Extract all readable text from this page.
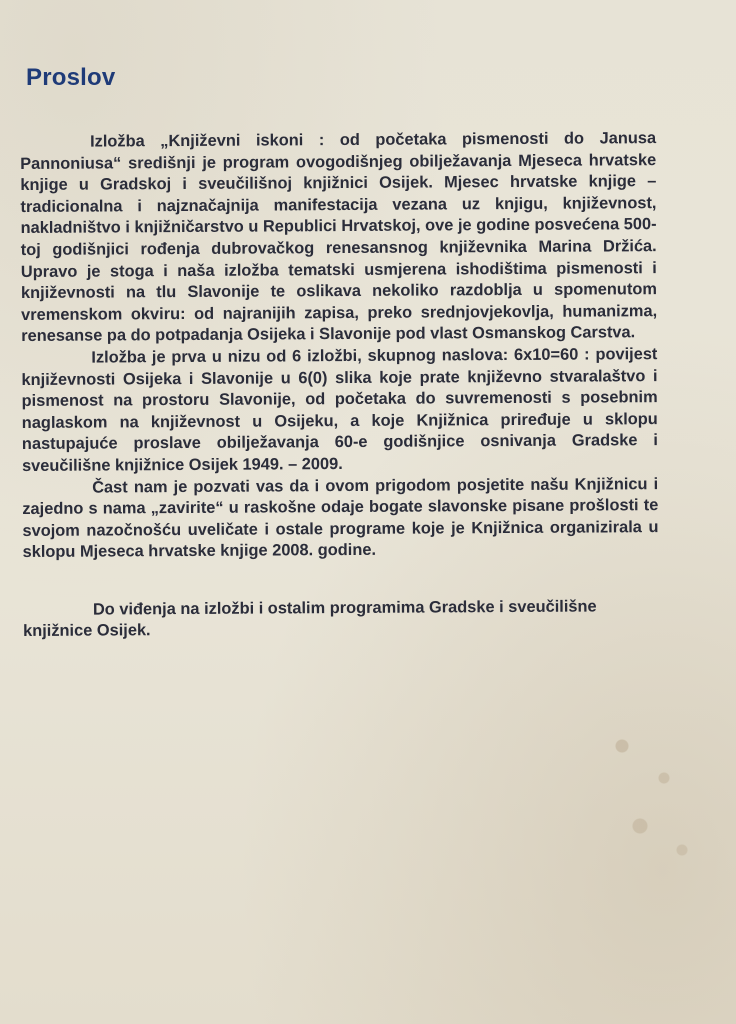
Proslov

Izložba „Književni iskoni : od početaka pismenosti do Janusa Pannoniusa“ središnji je program ovogodišnjeg obilježavanja Mjeseca hrvatske knjige u Gradskoj i sveučilišnoj knjižnici Osijek. Mjesec hrvatske knjige – tradicionalna i najznačajnija manifestacija vezana uz knjigu, književnost, nakladništvo i knjižničarstvo u Republici Hrvatskoj, ove je godine posvećena 500-toj godišnjici rođenja dubrovačkog renesansnog književnika Marina Držića. Upravo je stoga i naša izložba tematski usmjerena ishodištima pismenosti i književnosti na tlu Slavonije te oslikava nekoliko razdoblja u spomenutom vremenskom okviru: od najranijih zapisa, preko srednjovjekovlja, humanizma, renesanse pa do potpadanja Osijeka i Slavonije pod vlast Osmanskog Carstva.

Izložba je prva u nizu od 6 izložbi, skupnog naslova: 6x10=60 : povijest književnosti Osijeka i Slavonije u 6(0) slika koje prate književno stvaralaštvo i pismenost na prostoru Slavonije, od početaka do suvremenosti s posebnim naglaskom na književnost u Osijeku, a koje Knjižnica priređuje u sklopu nastupajuće proslave obilježavanja 60-e godišnjice osnivanja Gradske i sveučilišne knjižnice Osijek 1949. – 2009.

Čast nam je pozvati vas da i ovom prigodom posjetite našu Knjižnicu i zajedno s nama „zavirite“ u raskošne odaje bogate slavonske pisane prošlosti te svojom nazočnošću uveličate i ostale programe koje je Knjižnica organizirala u sklopu Mjeseca hrvatske knjige 2008. godine.

Do viđenja na izložbi i ostalim programima Gradske i sveučilišne knjižnice Osijek.
